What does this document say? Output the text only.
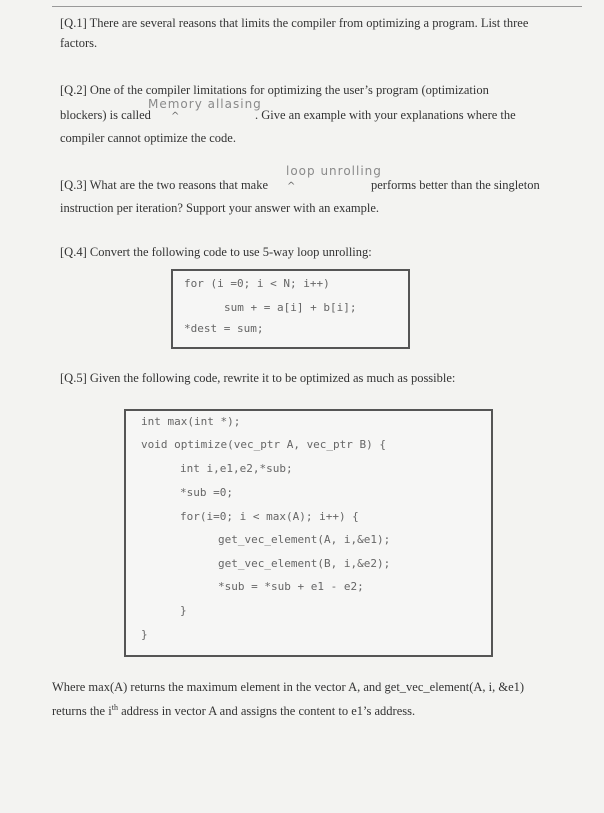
[Q.1] There are several reasons that limits the compiler from optimizing a program. List three
factors.
[Q.2] One of the compiler limitations for optimizing the user’s program (optimization
Memory allasing
blockers) is called ^	. Give an example with your explanations where the
compiler cannot optimize the code.
loop unrolling
[Q.3] What are the two reasons that make ^	performs better than the singleton
instruction per iteration? Support your answer with an example.
[Q.4] Convert the following code to use 5-way loop unrolling:
for (i =0; i < N; i++)
sum + = a[i] + b[i];
*dest = sum;
[Q.5] Given the following code, rewrite it to be optimized as much as possible:
int max(int *);
void optimize(vec_ptr A, vec_ptr B) {
int i,e1,e2,*sub;
*sub =0;
for(i=0; i < max(A); i++) {
get_vec_element(A, i,&e1);
get_vec_element(B, i,&e2);
*sub = *sub + e1 - e2;
}
}
Where max(A) returns the maximum element in the vector A, and get_vec_element(A, i, &e1)
returns the $i^{th}$ address in vector A and assigns the content to e1’s address.
